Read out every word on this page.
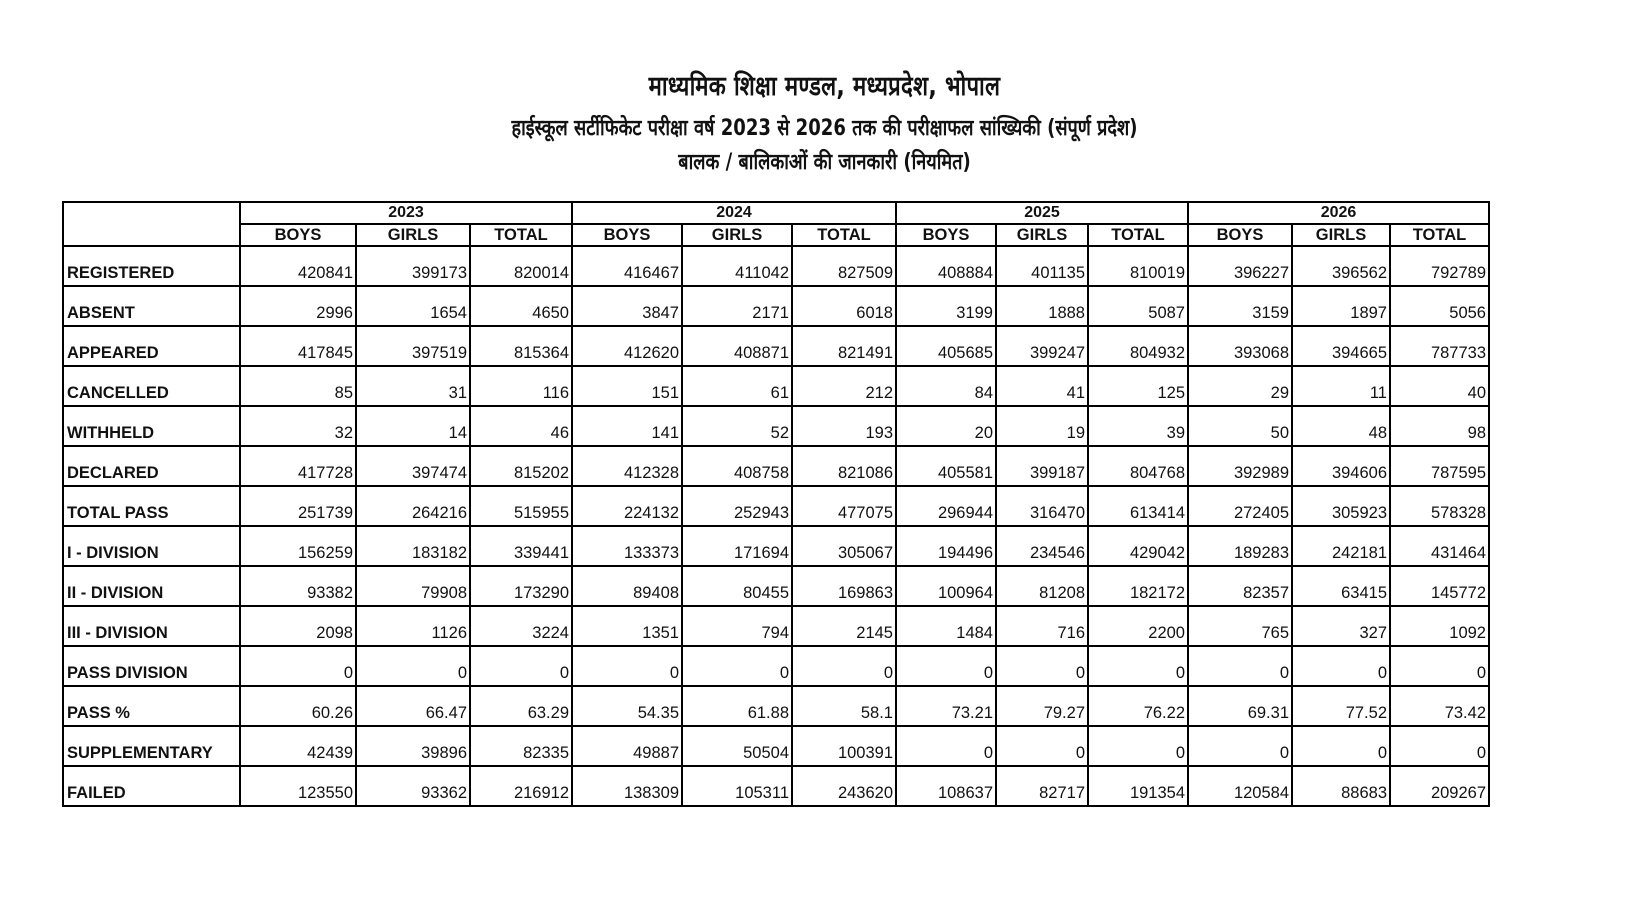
माध्यमिक शिक्षा मण्डल, मध्यप्रदेश, भोपाल
हाईस्कूल सर्टीफिकेट परीक्षा वर्ष 2023 से 2026 तक की परीक्षाफल सांख्यिकी (संपूर्ण प्रदेश)
बालक / बालिकाओं की जानकारी (नियमित)
	2023			2024			2025			2026		
	BOYS	GIRLS	TOTAL	BOYS	GIRLS	TOTAL	BOYS	GIRLS	TOTAL	BOYS	GIRLS	TOTAL
REGISTERED	420841	399173	820014	416467	411042	827509	408884	401135	810019	396227	396562	792789
ABSENT	2996	1654	4650	3847	2171	6018	3199	1888	5087	3159	1897	5056
APPEARED	417845	397519	815364	412620	408871	821491	405685	399247	804932	393068	394665	787733
CANCELLED	85	31	116	151	61	212	84	41	125	29	11	40
WITHHELD	32	14	46	141	52	193	20	19	39	50	48	98
DECLARED	417728	397474	815202	412328	408758	821086	405581	399187	804768	392989	394606	787595
TOTAL PASS	251739	264216	515955	224132	252943	477075	296944	316470	613414	272405	305923	578328
I - DIVISION	156259	183182	339441	133373	171694	305067	194496	234546	429042	189283	242181	431464
II - DIVISION	93382	79908	173290	89408	80455	169863	100964	81208	182172	82357	63415	145772
III - DIVISION	2098	1126	3224	1351	794	2145	1484	716	2200	765	327	1092
PASS DIVISION	0	0	0	0	0	0	0	0	0	0	0	0
PASS %	60.26	66.47	63.29	54.35	61.88	58.1	73.21	79.27	76.22	69.31	77.52	73.42
SUPPLEMENTARY	42439	39896	82335	49887	50504	100391	0	0	0	0	0	0
FAILED	123550	93362	216912	138309	105311	243620	108637	82717	191354	120584	88683	209267
